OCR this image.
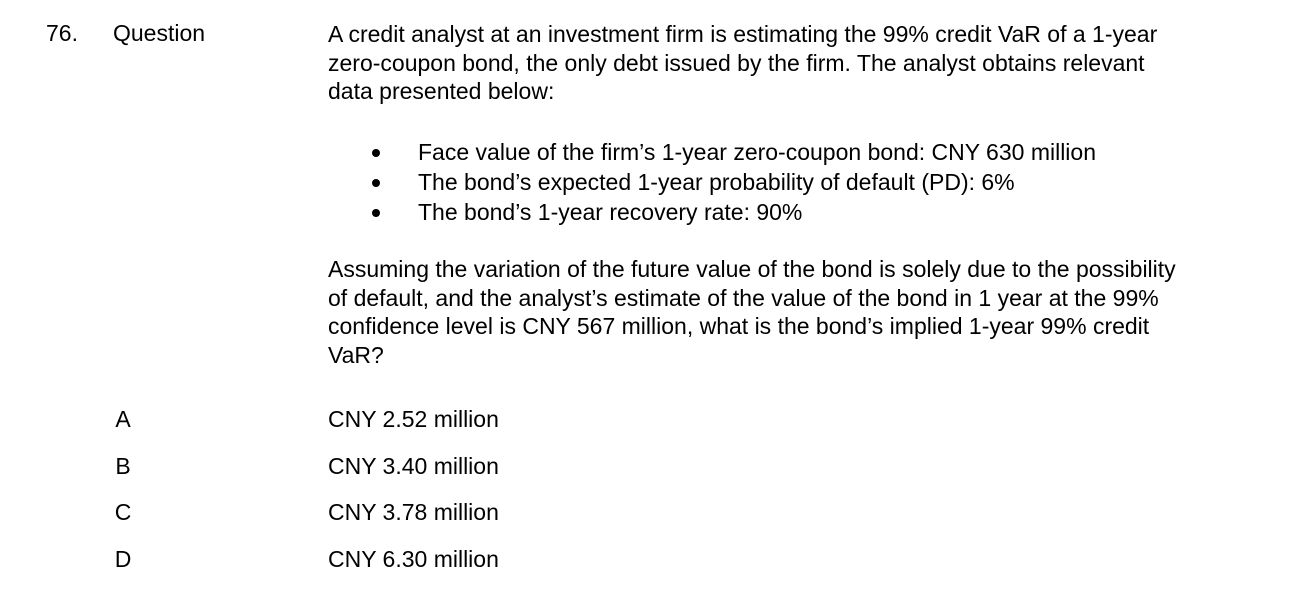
76. Question	A credit analyst at an investment firm is estimating the 99% credit VaR of a 1-year

zero-coupon bond, the only debt issued by the firm. The analyst obtains relevant

data presented below:

Face value of the firm’s 1-year zero-coupon bond: CNY 630 million
The bond’s expected 1-year probability of default (PD): 6%
The bond’s 1-year recovery rate: 90%

Assuming the variation of the future value of the bond is solely due to the possibility

of default, and the analyst’s estimate of the value of the bond in 1 year at the 99%

confidence level is CNY 567 million, what is the bond’s implied 1-year 99% credit

VaR?

A	CNY 2.52 million
B	CNY 3.40 million
C	CNY 3.78 million
D	CNY 6.30 million
